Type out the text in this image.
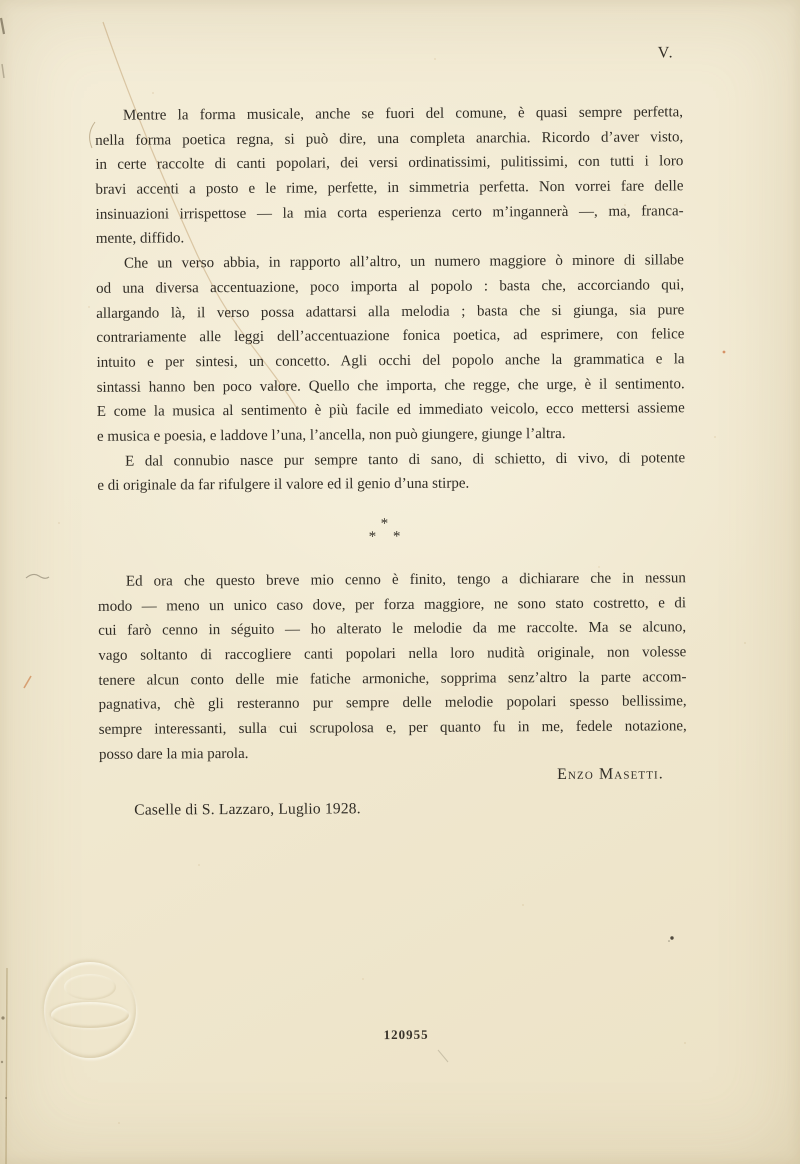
V.

Mentre la forma musicale, anche se fuori del comune, è quasi sempre perfetta,
nella forma poetica regna, si può dire, una completa anarchia. Ricordo d’aver visto,
in certe raccolte di canti popolari, dei versi ordinatissimi, pulitissimi, con tutti i loro
bravi accenti a posto e le rime, perfette, in simmetria perfetta. Non vorrei fare delle
insinuazioni irrispettose — la mia corta esperienza certo m’ingannerà —, ma, franca-
mente, diffido.

Che un verso abbia, in rapporto all’altro, un numero maggiore ò minore di sillabe
od una diversa accentuazione, poco importa al popolo : basta che, accorciando qui,
allargando là, il verso possa adattarsi alla melodia ; basta che si giunga, sia pure
contrariamente alle leggi dell’accentuazione fonica poetica, ad esprimere, con felice
intuito e per sintesi, un concetto. Agli occhi del popolo anche la grammatica e la
sintassi hanno ben poco valore. Quello che importa, che regge, che urge, è il sentimento.
E come la musica al sentimento è più facile ed immediato veicolo, ecco mettersi assieme
e musica e poesia, e laddove l’una, l’ancella, non può giungere, giunge l’altra.

E dal connubio nasce pur sempre tanto di sano, di schietto, di vivo, di potente
e di originale da far rifulgere il valore ed il genio d’una stirpe.

*
* *

Ed ora che questo breve mio cenno è finito, tengo a dichiarare che in nessun
modo — meno un unico caso dove, per forza maggiore, ne sono stato costretto, e di
cui farò cenno in séguito — ho alterato le melodie da me raccolte. Ma se alcuno,
vago soltanto di raccogliere canti popolari nella loro nudità originale, non volesse
tenere alcun conto delle mie fatiche armoniche, sopprima senz’altro la parte accom-
pagnativa, chè gli resteranno pur sempre delle melodie popolari spesso bellissime,
sempre interessanti, sulla cui scrupolosa e, per quanto fu in me, fedele notazione,
posso dare la mia parola.

Enzo Masetti.
Caselle di S. Lazzaro, Luglio 1928.
120955
